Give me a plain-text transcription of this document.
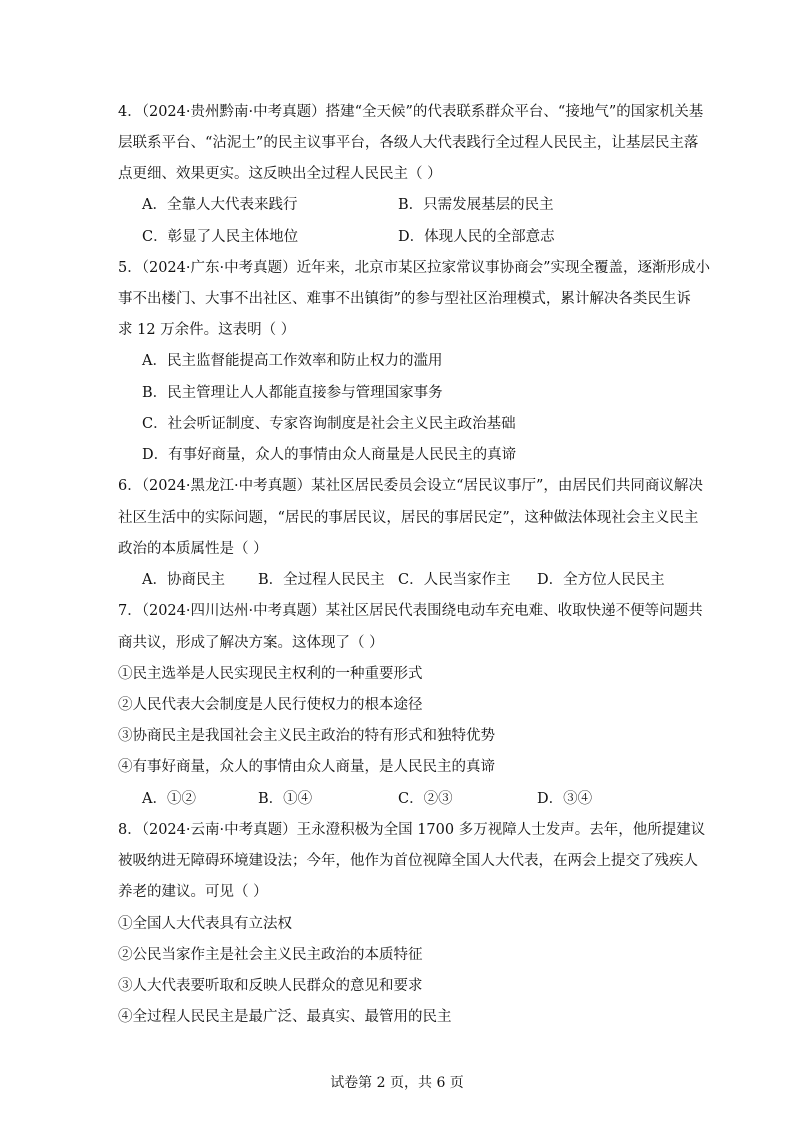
4．（2024·贵州黔南·中考真题）搭建“全天候”的代表联系群众平台、“接地气”的国家机关基
层联系平台、“沾泥土”的民主议事平台，各级人大代表践行全过程人民民主，让基层民主落
点更细、效果更实。这反映出全过程人民民主（ ）
A．全靠人大代表来践行	B．只需发展基层的民主
C．彰显了人民主体地位	D．体现人民的全部意志
5．（2024·广东·中考真题）近年来，北京市某区拉家常议事协商会”实现全覆盖，逐渐形成小
事不出楼门、大事不出社区、难事不出镇街”的参与型社区治理模式，累计解决各类民生诉
求 12 万余件。这表明（ ）
A．民主监督能提高工作效率和防止权力的滥用
B．民主管理让人人都能直接参与管理国家事务
C．社会听证制度、专家咨询制度是社会主义民主政治基础
D．有事好商量，众人的事情由众人商量是人民民主的真谛
6．（2024·黑龙江·中考真题）某社区居民委员会设立“居民议事厅”，由居民们共同商议解决
社区生活中的实际问题，“居民的事居民议，居民的事居民定”，这种做法体现社会主义民主
政治的本质属性是（ ）
A．协商民主 B．全过程人民民主 C．人民当家作主 D．全方位人民民主
7．（2024·四川达州·中考真题）某社区居民代表围绕电动车充电难、收取快递不便等问题共
商共议，形成了解决方案。这体现了（ ）
①民主选举是人民实现民主权利的一种重要形式
②人民代表大会制度是人民行使权力的根本途径
③协商民主是我国社会主义民主政治的特有形式和独特优势
④有事好商量，众人的事情由众人商量，是人民民主的真谛
A．①②	B．①④	C．②③	D．③④
8．（2024·云南·中考真题）王永澄积极为全国 1700 多万视障人士发声。去年，他所提建议
被吸纳进无障碍环境建设法；今年，他作为首位视障全国人大代表，在两会上提交了残疾人
养老的建议。可见（ ）
①全国人大代表具有立法权
②公民当家作主是社会主义民主政治的本质特征
③人大代表要听取和反映人民群众的意见和要求
④全过程人民民主是最广泛、最真实、最管用的民主
试卷第 2 页，共 6 页
